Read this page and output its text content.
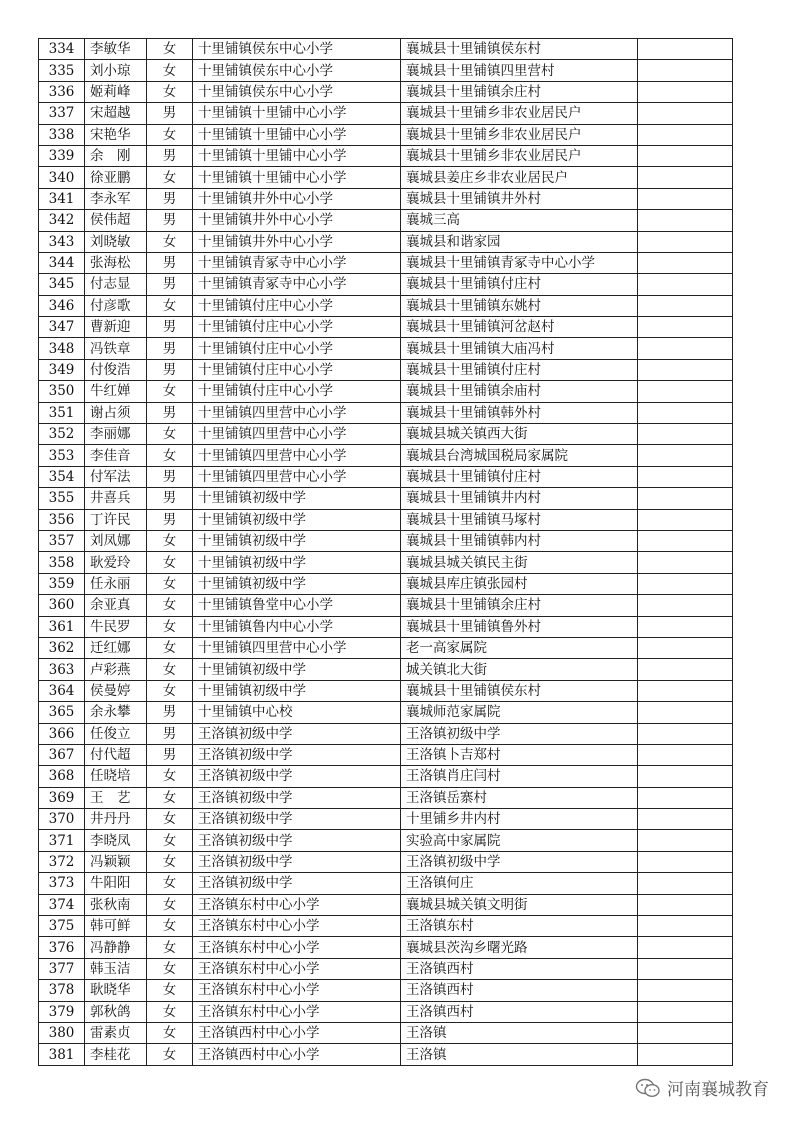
334	李敏华	女	十里铺镇侯东中心小学	襄城县十里铺镇侯东村	
335	刘小琼	女	十里铺镇侯东中心小学	襄城县十里铺镇四里营村	
336	姬莉峰	女	十里铺镇侯东中心小学	襄城县十里铺镇余庄村	
337	宋超越	男	十里铺镇十里铺中心小学	襄城县十里铺乡非农业居民户	
338	宋艳华	女	十里铺镇十里铺中心小学	襄城县十里铺乡非农业居民户	
339	余　刚	男	十里铺镇十里铺中心小学	襄城县十里铺乡非农业居民户	
340	徐亚鹏	女	十里铺镇十里铺中心小学	襄城县姜庄乡非农业居民户	
341	李永军	男	十里铺镇井外中心小学	襄城县十里铺镇井外村	
342	侯伟超	男	十里铺镇井外中心小学	襄城三高	
343	刘晓敏	女	十里铺镇井外中心小学	襄城县和谐家园	
344	张海松	男	十里铺镇青冢寺中心小学	襄城县十里铺镇青冢寺中心小学	
345	付志显	男	十里铺镇青冢寺中心小学	襄城县十里铺镇付庄村	
346	付彦歌	女	十里铺镇付庄中心小学	襄城县十里铺镇东姚村	
347	曹新迎	男	十里铺镇付庄中心小学	襄城县十里铺镇河岔赵村	
348	冯铁章	男	十里铺镇付庄中心小学	襄城县十里铺镇大庙冯村	
349	付俊浩	男	十里铺镇付庄中心小学	襄城县十里铺镇付庄村	
350	牛红婵	女	十里铺镇付庄中心小学	襄城县十里铺镇余庙村	
351	谢占须	男	十里铺镇四里营中心小学	襄城县十里铺镇韩外村	
352	李丽娜	女	十里铺镇四里营中心小学	襄城县城关镇西大街	
353	李佳音	女	十里铺镇四里营中心小学	襄城县台湾城国税局家属院	
354	付军法	男	十里铺镇四里营中心小学	襄城县十里铺镇付庄村	
355	井喜兵	男	十里铺镇初级中学	襄城县十里铺镇井内村	
356	丁许民	男	十里铺镇初级中学	襄城县十里铺镇马塚村	
357	刘凤娜	女	十里铺镇初级中学	襄城县十里铺镇韩内村	
358	耿爱玲	女	十里铺镇初级中学	襄城县城关镇民主街	
359	任永丽	女	十里铺镇初级中学	襄城县库庄镇张园村	
360	余亚真	女	十里铺镇鲁堂中心小学	襄城县十里铺镇余庄村	
361	牛民罗	女	十里铺镇鲁内中心小学	襄城县十里铺镇鲁外村	
362	迁红娜	女	十里铺镇四里营中心小学	老一高家属院	
363	卢彩燕	女	十里铺镇初级中学	城关镇北大街	
364	侯曼婷	女	十里铺镇初级中学	襄城县十里铺镇侯东村	
365	余永攀	男	十里铺镇中心校	襄城师范家属院	
366	任俊立	男	王洛镇初级中学	王洛镇初级中学	
367	付代超	男	王洛镇初级中学	王洛镇卜吉郑村	
368	任晓培	女	王洛镇初级中学	王洛镇肖庄闫村	
369	王　艺	女	王洛镇初级中学	王洛镇岳寨村	
370	井丹丹	女	王洛镇初级中学	十里铺乡井内村	
371	李晓凤	女	王洛镇初级中学	实验高中家属院	
372	冯颖颖	女	王洛镇初级中学	王洛镇初级中学	
373	牛阳阳	女	王洛镇初级中学	王洛镇何庄	
374	张秋南	女	王洛镇东村中心小学	襄城县城关镇文明街	
375	韩可鲜	女	王洛镇东村中心小学	王洛镇东村	
376	冯静静	女	王洛镇东村中心小学	襄城县茨沟乡曙光路	
377	韩玉洁	女	王洛镇东村中心小学	王洛镇西村	
378	耿晓华	女	王洛镇东村中心小学	王洛镇西村	
379	郭秋鸽	女	王洛镇东村中心小学	王洛镇西村	
380	雷素贞	女	王洛镇西村中心小学	王洛镇	
381	李桂花	女	王洛镇西村中心小学	王洛镇	
河南襄城教育
